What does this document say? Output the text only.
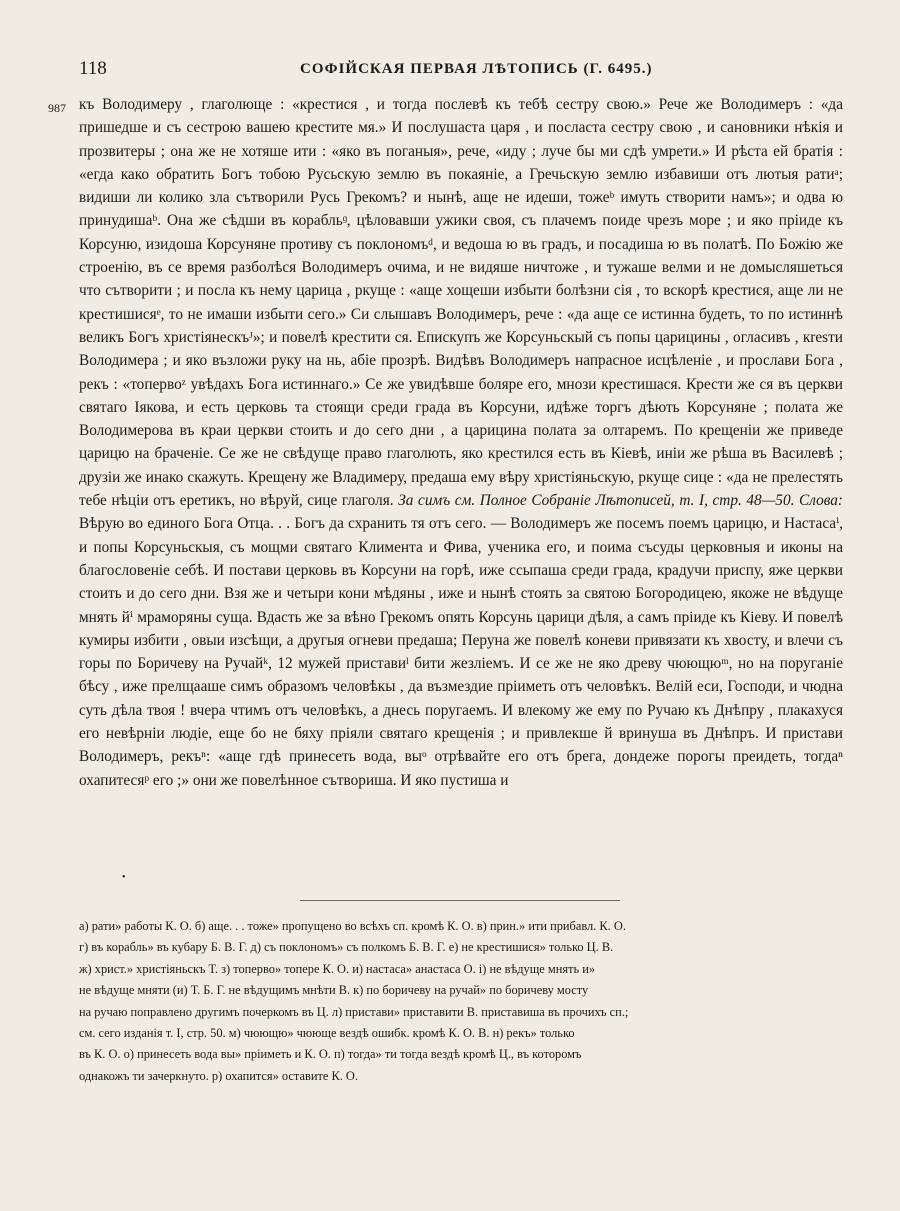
118	СОФІЙСКАЯ ПЕРВАЯ ЛѢТОПИСЬ (Г. 6495.)
987 къ Володимеру , глаголюще : «крестися , и тогда послевѣ къ тебѣ сестру свою.» Рече же Володимеръ : «да пришедше и съ сестрою вашею крестите мя.» И послушаста царя , и посласта сестру свою , и сановники нѣкія и прозвитеры ; она же не хотяше ити : «яко въ поганыя», рече, «иду ; луче бы ми сдѣ умрети.» И рѣста ей братія : «егда како обратить Богъ тобою Русьскую землю въ покаяніе, а Гречьскую землю избавиши отъ лютыя ратиᵃ; видиши ли колико зла сътворили Русь Грекомъ? и нынѣ, аще не идеши, тожеᵇ имуть створити намъ»; и одва ю принудишаᵇ. Она же сѣдши въ корабльᶢ, цѣловавши ужики своя, съ плачемъ поиде чрезъ море ; и яко пріиде къ Корсуню, изидоша Корсуняне противу съ поклономъᵈ, и ведоша ю въ градъ, и посадиша ю въ полатѣ. По Божію же строенію, въ се время разболѣся Володимеръ очима, и не видяше ничтоже , и тужаше велми и не домысляшеться что сътворити ; и посла къ нему царица , ркуще : «аще хощеши избыти болѣзни сія , то вскорѣ крестися, аще ли не крестишисяᵉ, то не имаши избыти сего.» Си слышавъ Володимеръ, рече : «да аще се истинна будеть, то по истиннѣ великъ Богъ христіянескъᴶ»; и повелѣ крестити ся. Епискупъ же Корсуньскый съ попы царицины , огласивъ , кresти Володимера ; и яко възложи руку на нь, абіе прозрѣ. Видѣвъ Володимеръ напрасное исцѣленіе , и прослави Бога , рекъ : «топервоᶻ увѣдахъ Бога истиннаго.» Се же увидѣвше боляре его, мнози крестишася. Крести же ся въ церкви святаго Іякова, и есть церковь та стоящи среди града въ Корсуни, идѣже торгъ дѣють Корсуняне ; полата же Володимерова въ краи церкви стоить и до сего дни , а царицина полата за олтаремъ. По крещеніи же приведе царицю на браченіе. Се же не свѣдуще право глаголють, яко крестился есть въ Кіевѣ, иніи же рѣша въ Василевѣ ; друзіи же инако скажуть. Крещену же Владимеру, предаша ему вѣру христіяньскую, ркуще сице : «да не прелестять тебе нѣціи отъ еретикъ, но вѣруй, сице глаголя. За симъ см. Полное Собраніе Лѣтописей, т. I, стр. 48—50. Слова: Вѣрую во единого Бога Отца. . . Богъ да схранить тя отъ сего. — Володимеръ же посемъ поемъ царицю, и Настасаⁱ, и попы Корсуньскыя, съ мощми святаго Климента и Фива, ученика его, и поима съсуды церковныя и иконы на благословеніе себѣ. И постави церковь въ Корсуни на горѣ, иже ссыпаша среди града, крадучи приспу, яже церкви стоить и до сего дни. Взя же и четыри кони мѣдяны , иже и нынѣ стоять за святою Богородицею, якоже не вѣдуще мнять йⁱ мраморяны суща. Вдасть же за вѣно Грекомъ опять Корсунь царици дѣля, а самъ пріиде къ Кіеву. И повелѣ кумиры избити , овыи изсѣщи, а другыя огневи предаша; Перуна же повелѣ коневи привязати къ хвосту, и влечи съ горы по Боричеву на Ручайᵏ, 12 мужей приставиˡ бити жезліемъ. И се же не яко древу чюющюᵐ, но на поруганіе бѣсу , иже прелщааше симъ образомъ человѣкы , да възмездие пріиметь отъ человѣкъ. Велій еси, Господи, и чюдна суть дѣла твоя ! вчера чтимъ отъ человѣкъ, а днесь поругаемъ. И влекому же ему по Ручаю къ Днѣпру , плакахуся его невѣрніи людіе, еще бо не бяху пріяли святаго крещенія ; и привлекше й вринуша въ Днѣпръ. И пристави Володимеръ, рекъⁿ: «аще гдѣ принесеть вода, выᵒ отрѣвайте его отъ брега, дондеже порогы преидеть, тогдаⁿ охапитесяᵖ его ;» они же повелѣнное сътвориша. И яко пустиша и

•

а) рати» работы К. О. б) аще. . . тоже» пропущено во всѣхъ сп. кромѣ К. О. в) прин.» ити прибавл. К. О.

г) въ корабль» въ кубару Б. В. Г. д) съ поклономъ» съ полкомъ Б. В. Г. е) не крестишися» только Ц. В.

ж) христ.» христіяньскъ Т. з) топерво» топере К. О. и) настаса» анастаса О. і) не вѣдуще мнять и»

не вѣдуще мняти (и) Т. Б. Г. не вѣдущимъ мнѣти В. к) по боричеву на ручай» по боричеву мосту

на ручаю поправлено другимъ почеркомъ въ Ц. л) пристави» приставити В. приставиша въ прочихъ сп.;

см. сего изданія т. I, стр. 50. м) чюющю» чююще вездѣ ошибк. кромѣ К. О. В. н) рекъ» только

въ К. О. о) принесеть вода вы» пріиметь и К. О. п) тогда» ти тогда вездѣ кромѣ Ц., въ которомъ

однакожъ ти зачеркнуто. р) охапится» оставите К. О.
